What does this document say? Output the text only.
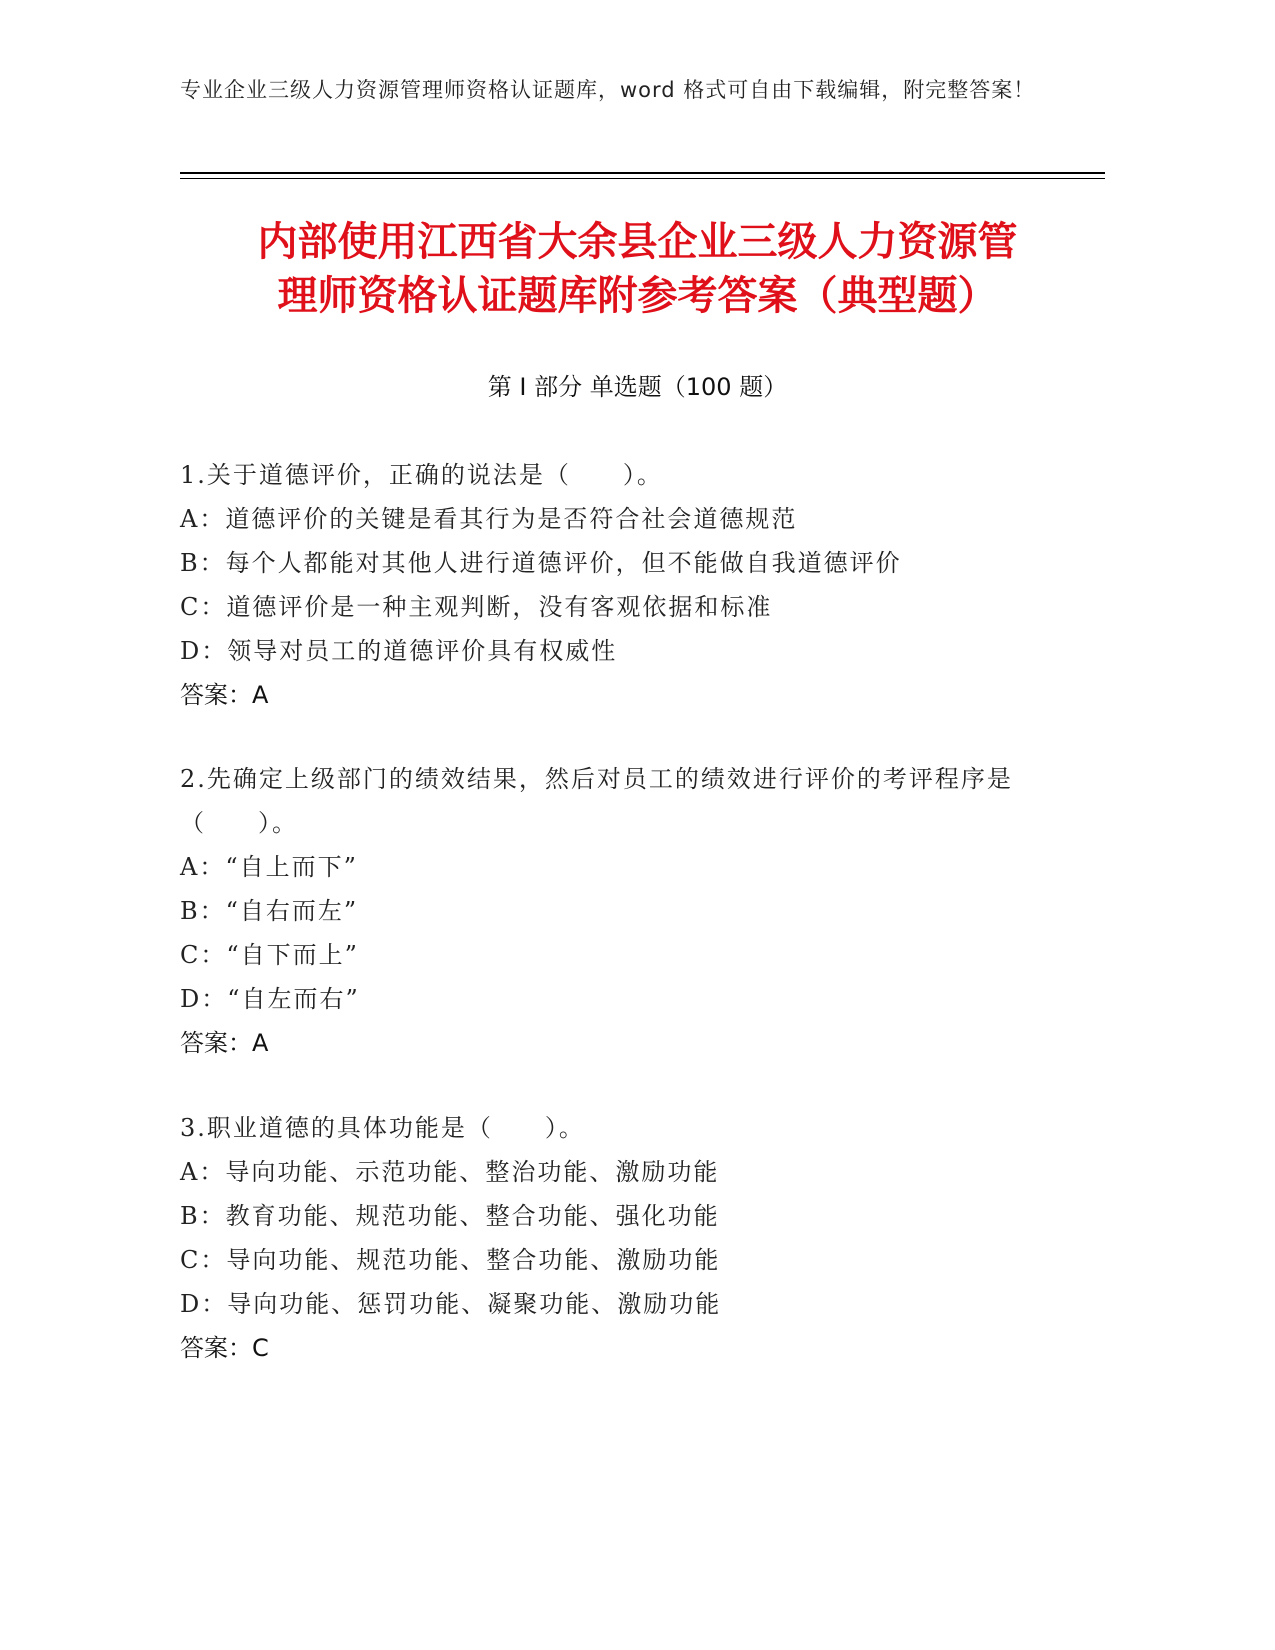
专业企业三级人力资源管理师资格认证题库，word 格式可自由下载编辑，附完整答案！
内部使用江西省大余县企业三级人力资源管
理师资格认证题库附参考答案（典型题）
第 I 部分 单选题（100 题）

1.关于道德评价，正确的说法是（　　）。

A：道德评价的关键是看其行为是否符合社会道德规范

B：每个人都能对其他人进行道德评价，但不能做自我道德评价

C：道德评价是一种主观判断，没有客观依据和标准

D：领导对员工的道德评价具有权威性

答案：A

2.先确定上级部门的绩效结果，然后对员工的绩效进行评价的考评程序是（　　）。

A：“自上而下”

B：“自右而左”

C：“自下而上”

D：“自左而右”

答案：A

3.职业道德的具体功能是（　　）。

A：导向功能、示范功能、整治功能、激励功能

B：教育功能、规范功能、整合功能、强化功能

C：导向功能、规范功能、整合功能、激励功能

D：导向功能、惩罚功能、凝聚功能、激励功能

答案：C
